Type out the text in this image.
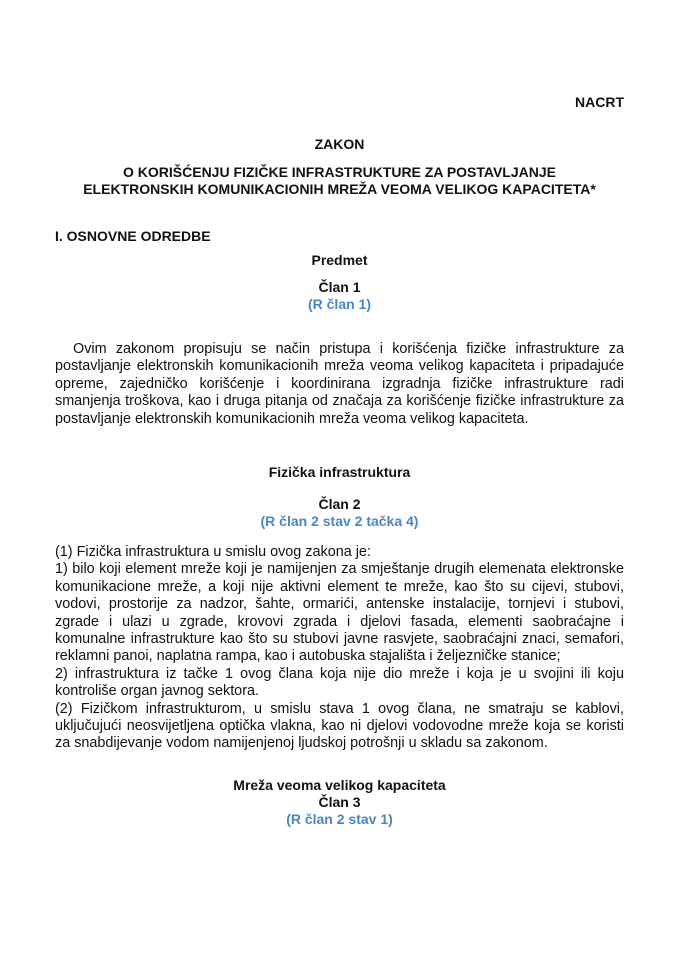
NACRT
ZAKON
O KORIŠĆENJU FIZIČKE INFRASTRUKTURE ZA POSTAVLJANJE
ELEKTRONSKIH KOMUNIKACIONIH MREŽA VEOMA VELIKOG KAPACITETA*
I. OSNOVNE ODREDBE
Predmet
Član 1
(R član 1)

Ovim zakonom propisuju se način pristupa i korišćenja fizičke infrastrukture za postavljanje elektronskih komunikacionih mreža veoma velikog kapaciteta i pripadajuće opreme, zajedničko korišćenje i koordinirana izgradnja fizičke infrastrukture radi smanjenja troškova, kao i druga pitanja od značaja za korišćenje fizičke infrastrukture za postavljanje elektronskih komunikacionih mreža veoma velikog kapaciteta.

Fizička infrastruktura
Član 2
(R član 2 stav 2 tačka 4)

(1) Fizička infrastruktura u smislu ovog zakona je:

1) bilo koji element mreže koji je namijenjen za smještanje drugih elemenata elektronske komunikacione mreže, a koji nije aktivni element te mreže, kao što su cijevi, stubovi, vodovi, prostorije za nadzor, šahte, ormarići, antenske instalacije, tornjevi i stubovi, zgrade i ulazi u zgrade, krovovi zgrada i djelovi fasada, elementi saobraćajne i komunalne infrastrukture kao što su stubovi javne rasvjete, saobraćajni znaci, semafori, reklamni panoi, naplatna rampa, kao i autobuska stajališta i željezničke stanice;

2) infrastruktura iz tačke 1 ovog člana koja nije dio mreže i koja je u svojini ili koju kontroliše organ javnog sektora.

(2) Fizičkom infrastrukturom, u smislu stava 1 ovog člana, ne smatraju se kablovi, uključujući neosvijetljena optička vlakna, kao ni djelovi vodovodne mreže koja se koristi za snabdijevanje vodom namijenjenoj ljudskoj potrošnji u skladu sa zakonom.

Mreža veoma velikog kapaciteta
Član 3
(R član 2 stav 1)
